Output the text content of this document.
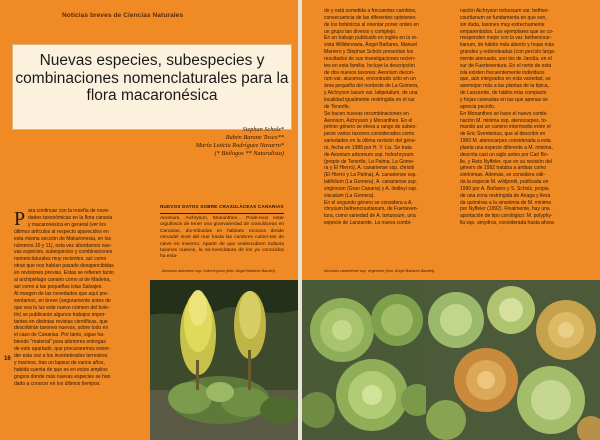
Noticias breves de Ciencias Naturales
Nuevas especies, subespecies y combinaciones nomenclaturales para la flora macaronésica
Stephan Scholz*
Rubén Barone Tosco**
María Leticia Rodríguez Navarro*
(* Biólogos ** Naturalista)
P ara continuar con la reseña de nove-
dades taxonómicas en la flora canaria
y macaronésica en general (ver los
últimos artículos al respecto aparecidos en
esta misma sección de Makaronesia, en los
números 10 y 11), esta vez abordamos nue-
vas especies, subespecies y combinaciones
nomenclaturales muy recientes, así como
otras que nos habían pasado desapercibidas
en revisiones previas. Estas se refieren tanto
al archipiélago canario como al de Madeira,
así como a las pequeñas islas Salvajes.
Al margen de las novedades que aquí pre-
sentamos, en breve (seguramente antes de
que vea la luz este nuevo número del bole-
tín) se publicarán algunos trabajos impor-
tantes en distintas revistas científicas, que
describirán taxones nuevos, sobre todo en
el caso de Canarias. Por tanto, sigue ha-
biendo "material" para ulteriores entregas
de este apartado, que procuraremos exten-
der esta vez a los invertebrados terrestres
y marinos, tras un lapsus de varios años,
habida cuenta de que es en estos amplios
grupos donde más nuevas especies se han
dado a conocer en los últimos tiempos.
NUEVOS DATOS SOBRE CRASULÁCEAS CANARIAS
Aeonium, Aichryson, Monanthes... Pode-mos estar orgullosos de tener una granvariedad de crasuláceas en Canarias, dis-tribuidas en hábitats rocosos desde cercadel nivel del mar hasta las cumbres cubier-tas de nieve en invierno. Aparte de que sedescubren todavía taxones nuevos, la no-menclatura de los ya conocidos ha esta-
Aeonium arboreum ssp. holochrysum (foto: Ángel Bañares Baudet).
16
do y está sometida a frecuentes cambios,
consecuencia de las diferentes opiniones
de los botánicos al orientar poner orden en
un grupo tan diverso y complejo.
En un trabajo publicado en inglés en la re-
vista Willdenowia, Ángel Bañares, Manuel
Marrero y Stephan Scholz presentan los
resultados de sus investigaciones recien-
tes en esta familia. Incluye la descripción
de dos nuevos taxones: Aeonium decori-
rum var. alucense, encontrado sólo en un
área pequeña del nordeste de La Gomera,
y Aichryson laxum var. latipetalum, de una
localidad igualmente restringida en el sur
de Tenerife.
Se hacen nuevas recombinaciones en
Aeonium, Aichryson y Monanthes. En el
primer género se eleva a rango de subes-
pecie varios taxones considerados como
variedades en la última revisión del géne-
ro, fecha en 1989 por H. Y. Liu. Se trata
de Aeonium arboreum ssp. holochrysum
(propio de Tenerife, La Palma, La Gome-
ra y El Hierro), A. canariense ssp. christii
(El Hierro y La Palma), A. canariense ssp.
latifolium (La Gomera), A. canariense ssp.
virgineum (Gran Canaria) y A. lindleyi ssp.
viscatum (La Gomera).
En el segundo género se considera a A.
chrysum bethencourtianum, de Fuerteven-
tura, como variedad de A. tortuosum, una
especie de Lanzarote. La nueva combi-
nación Aichryson tortuosum var. bethen-
courtianum se fundamenta en que son,
sin duda, taxones muy estrechamente
emparentados. Los ejemplares que se co-
rresponden mejor con la var. bethencour-
tianum, de hábito más abierto y hojas más
grandes y redondeadas (con pecíolo larga-
mente atenuado, son los de Jandía, en el
sur de Fuerteventura. En el norte de esta
isla existen frecuentemente individuos
que, aún integrados en esta variedad, se
asemejan más a las plantas de la típica,
de Lanzarote, de hábito más compacto
y hojas cuneadas en las que apenas se
aprecia pecíolo.
En Monanthes se hace el nuevo combi-
nación M. minima ssp. atenocarpes, to-
mando así un camino intermedio entre el
de Eric Sventenius, que al describir en
1960 M. atenocarpes considerada a esta
planta una especie diferente a M. minima,
descrita casi un siglo antes por Carl Bo-
lle, y Reto Nyffeler, que en su revisión del
género de 1992 trataba a ambas como
sinónimas. Además, se considera váli-
da la especie M. wildpretii, publicada en
1990 por A. Bañares y S. Scholz, propia
de una zona restringida de Anaga y lleva
da quiméras a la sinonimia de M. minima
por Nyffeler (1992). Finalmente, hay una
aportación de tipo corológico: M. polyphy-
lla ssp. amydros, considerada hasta ahora
Aeonium canariense ssp. virgineum (foto: Ángel Bañares Baudet).
